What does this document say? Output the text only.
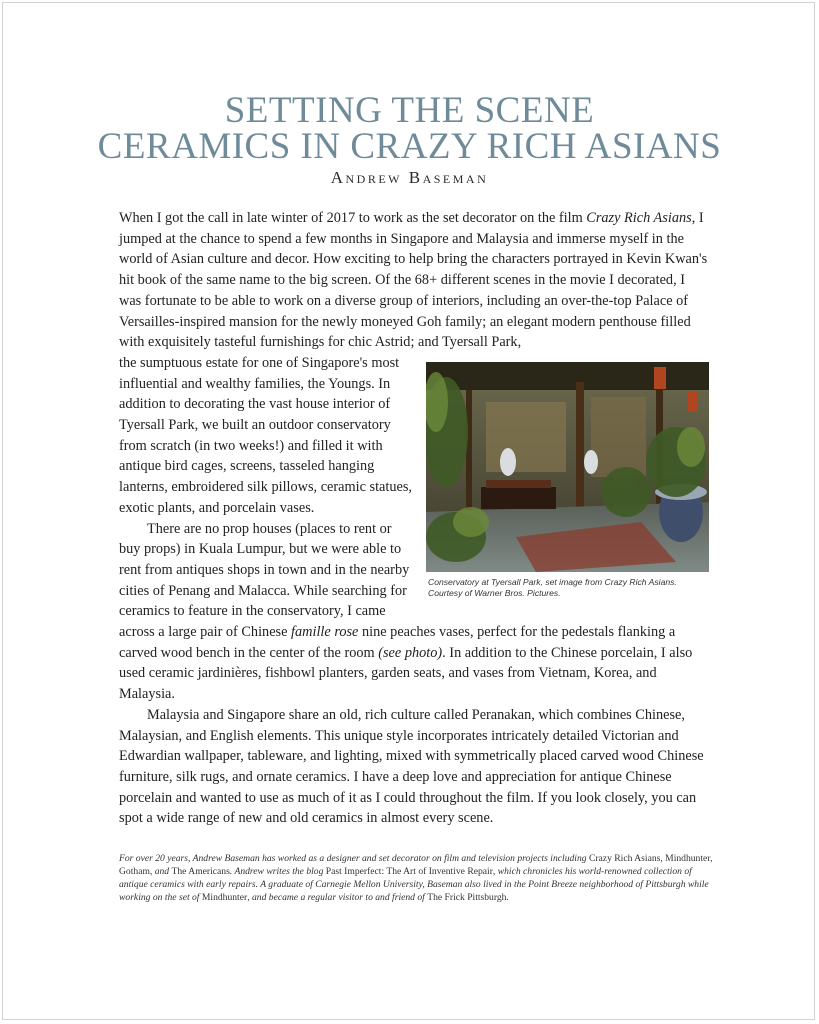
SETTING THE SCENE
CERAMICS IN CRAZY RICH ASIANS
Andrew Baseman

When I got the call in late winter of 2017 to work as the set decorator on the film Crazy Rich Asians, I jumped at the chance to spend a few months in Singapore and Malaysia and immerse myself in the world of Asian culture and decor. How exciting to help bring the characters portrayed in Kevin Kwan's hit book of the same name to the big screen. Of the 68+ different scenes in the movie I decorated, I was fortunate to be able to work on a diverse group of interiors, including an over-the-top Palace of Versailles-inspired mansion for the newly moneyed Goh family; an elegant modern penthouse filled with exquisitely tasteful furnishings for chic Astrid; and Tyersall Park,

Conservatory at Tyersall Park, set image from Crazy Rich Asians.
Courtesy of Warner Bros. Pictures.

the sumptuous estate for one of Singapore's most influential and wealthy families, the Youngs. In addition to decorating the vast house interior of Tyersall Park, we built an outdoor conservatory from scratch (in two weeks!) and filled it with antique bird cages, screens, tasseled hanging lanterns, embroidered silk pillows, ceramic statues, exotic plants, and porcelain vases.

There are no prop houses (places to rent or buy props) in Kuala Lumpur, but we were able to rent from antiques shops in town and in the nearby cities of Penang and Malacca. While searching for ceramics to feature in the conservatory, I came across a large pair of Chinese famille rose nine peaches vases, perfect for the pedestals flanking a carved wood bench in the center of the room (see photo). In addition to the Chinese porcelain, I also used ceramic jardinières, fishbowl planters, garden seats, and vases from Vietnam, Korea, and Malaysia.

Malaysia and Singapore share an old, rich culture called Peranakan, which combines Chinese, Malaysian, and English elements. This unique style incorporates intricately detailed Victorian and Edwardian wallpaper, tableware, and lighting, mixed with symmetrically placed carved wood Chinese furniture, silk rugs, and ornate ceramics. I have a deep love and appreciation for antique Chinese porcelain and wanted to use as much of it as I could throughout the film. If you look closely, you can spot a wide range of new and old ceramics in almost every scene.

For over 20 years, Andrew Baseman has worked as a designer and set decorator on film and television projects including Crazy Rich Asians, Mindhunter, Gotham, and The Americans. Andrew writes the blog Past Imperfect: The Art of Inventive Repair, which chronicles his world-renowned collection of antique ceramics with early repairs. A graduate of Carnegie Mellon University, Baseman also lived in the Point Breeze neighborhood of Pittsburgh while working on the set of Mindhunter, and became a regular visitor to and friend of The Frick Pittsburgh.
